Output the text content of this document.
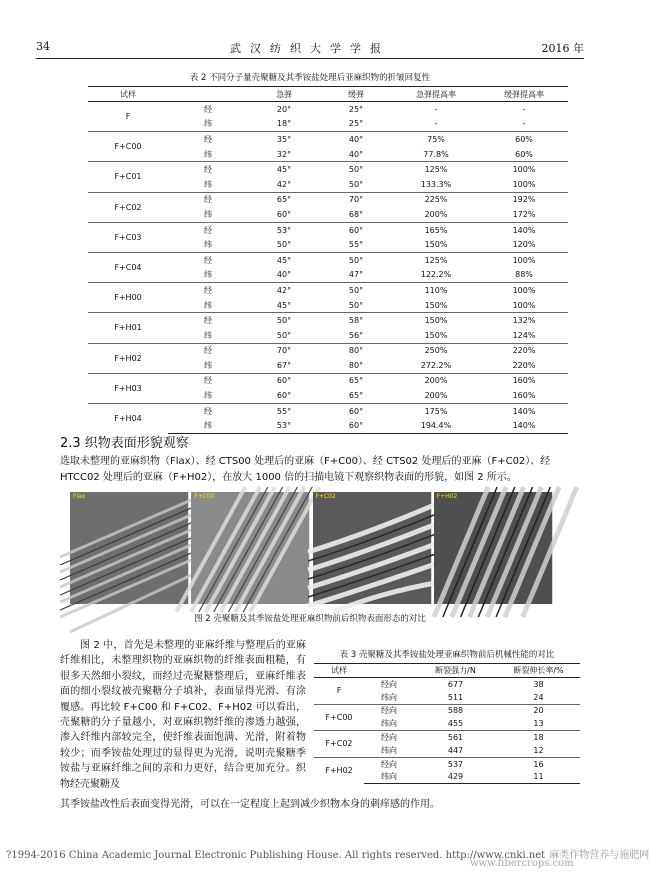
34	武汉纺织大学学报	2016 年
表 2 不同分子量壳聚糖及其季铵盐处理后亚麻织物的折皱回复性
试样		急弹	缓弹	急弹提高率	缓弹提高率
F	经	20°	25°	-	-
	纬	18°	25°	-	-
F+C00	经	35°	40°	75%	60%
	纬	32°	40°	77.8%	60%
F+C01	经	45°	50°	125%	100%
	纬	42°	50°	133.3%	100%
F+C02	经	65°	70°	225%	192%
	纬	60°	68°	200%	172%
F+C03	经	53°	60°	165%	140%
	纬	50°	55°	150%	120%
F+C04	经	45°	50°	125%	100%
	纬	40°	47°	122.2%	88%
F+H00	经	42°	50°	110%	100%
	纬	45°	50°	150%	100%
F+H01	经	50°	58°	150%	132%
	纬	50°	56°	150%	124%
F+H02	经	70°	80°	250%	220%
	纬	67°	80°	272.2%	220%
F+H03	经	60°	65°	200%	160%
	纬	60°	65°	200%	160%
F+H04	经	55°	60°	175%	140%
	纬	53°	60°	194.4%	140%
2.3 织物表面形貌观察
选取未整理的亚麻织物（Flax）、经 CTS00 处理后的亚麻（F+C00）、经 CTS02 处理后的亚麻（F+C02）、经 HTCC02 处理后的亚麻（F+H02），在放大 1000 倍的扫描电镜下观察织物表面的形貌，如图 2 所示。
Flax	F+C00	F+C02	F+H02
图 2 壳聚糖及其季铵盐处理亚麻织物前后织物表面形态的对比
图 2 中，首先是未整理的亚麻纤维与整理后的亚麻纤维相比，未整理织物的亚麻织物的纤维表面粗糙，有很多天然细小裂纹，而经过壳聚糖整理后，亚麻纤维表面的细小裂纹被壳聚糖分子填补，表面显得光滑、有涂覆感。再比较 F+C00 和 F+C02、F+H02 可以看出，壳聚糖的分子量越小，对亚麻织物纤维的渗透力越强，渗入纤维内部较完全，使纤维表面饱满、光滑，附着物较少；而季铵盐处理过的显得更为光滑，说明壳聚糖季铵盐与亚麻纤维之间的亲和力更好，结合更加充分。织物经壳聚糖及
表 3 壳聚糖及其季铵盐处理亚麻织物前后机械性能的对比
试样		断裂强力/N	断裂伸长率/%
F	经向	677	38
	纬向	511	24
F+C00	经向	588	20
	纬向	455	13
F+C02	经向	561	18
	纬向	447	12
F+H02	经向	537	16
	纬向	429	11
其季铵盐改性后表面变得光滑，可以在一定程度上起到减少织物本身的刺痒感的作用。
?1994-2016 China Academic Journal Electronic Publishing House. All rights reserved. http://www.cnki.net 麻类作物营养与施肥网
www.fibercrops.com
